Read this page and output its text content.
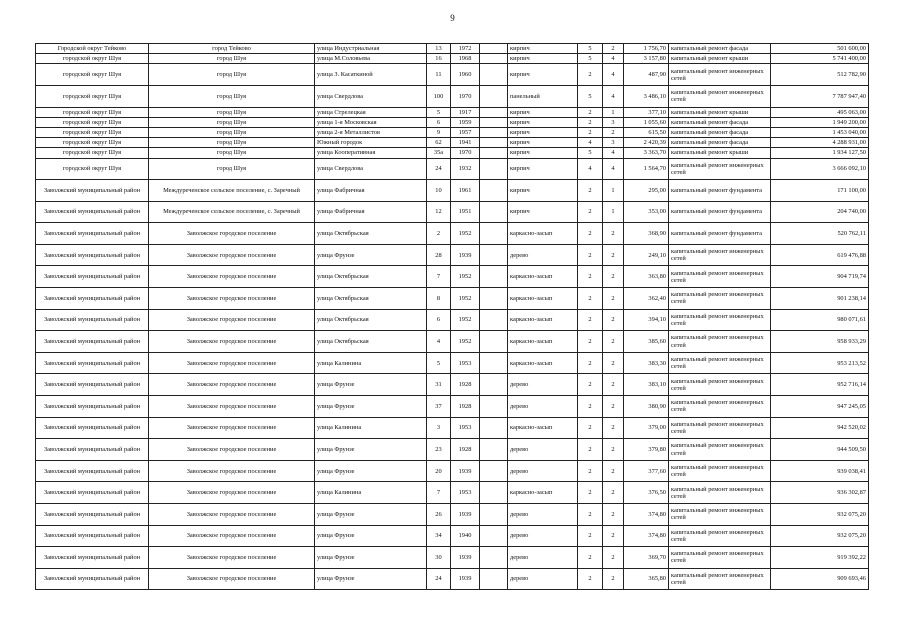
9
Городской округ Тейково	город Тейково	улица Индустриальная	13	1972		кирпич	5	2	1 756,70	капитальный ремонт фасада	501 600,00
городской округ Шуя	город Шуя	улица М.Соловьева	16	1968		кирпич	5	4	3 157,80	капитальный ремонт крыши	5 741 400,00
городской округ Шуя	город Шуя	улица З. Касаткиной	11	1960		кирпич	2	4	487,90	капитальный ремонт инженерных сетей	512 782,90
городской округ Шуя	город Шуя	улица Свердлова	100	1970		панельный	5	4	3 486,10	капитальный ремонт инженерных сетей	7 787 947,40
городской округ Шуя	город Шуя	улица Стрелецкая	5	1917		кирпич	2	1	377,10	капитальный ремонт крыши	495 063,00
городской округ Шуя	город Шуя	улица 1-я Московская	6	1959		кирпич	2	3	1 055,60	капитальный ремонт фасада	1 949 200,00
городской округ Шуя	город Шуя	улица 2-я Металлистов	9	1957		кирпич	2	2	615,50	капитальный ремонт фасада	1 453 040,00
городской округ Шуя	город Шуя	Южный городок	62	1941		кирпич	4	3	2 420,39	капитальный ремонт фасада	4 288 931,00
городской округ Шуя	город Шуя	улица Кооперативная	35а	1970		кирпич	5	4	3 363,70	капитальный ремонт крыши	1 934 127,50
городской округ Шуя	город Шуя	улица Свердлова	24	1932		кирпич	4	4	1 564,70	капитальный ремонт инженерных сетей	3 666 092,10
Заволжский муниципальный район	Междуреченское сельское поселение, с. Заречный	улица Фабричная	10	1961		кирпич	2	1	295,00	капитальный ремонт фундамента	171 100,00
Заволжский муниципальный район	Междуреченское сельское поселение, с. Заречный	улица Фабричная	12	1951		кирпич	2	1	353,00	капитальный ремонт фундамента	204 740,00
Заволжский муниципальный район	Заволжское городское поселение	улица Октябрьская	2	1952		каркасно-засып	2	2	368,90	капитальный ремонт фундамента	520 762,11
Заволжский муниципальный район	Заволжское городское поселение	улица Фрунзе	28	1939		дерево	2	2	249,10	капитальный ремонт инженерных сетей	619 476,88
Заволжский муниципальный район	Заволжское городское поселение	улица Октябрьская	7	1952		каркасно-засып	2	2	363,80	капитальный ремонт инженерных сетей	904 719,74
Заволжский муниципальный район	Заволжское городское поселение	улица Октябрьская	8	1952		каркасно-засып	2	2	362,40	капитальный ремонт инженерных сетей	901 238,14
Заволжский муниципальный район	Заволжское городское поселение	улица Октябрьская	6	1952		каркасно-засып	2	2	394,10	капитальный ремонт инженерных сетей	980 071,61
Заволжский муниципальный район	Заволжское городское поселение	улица Октябрьская	4	1952		каркасно-засып	2	2	385,60	капитальный ремонт инженерных сетей	958 933,29
Заволжский муниципальный район	Заволжское городское поселение	улица Калинина	5	1953		каркасно-засып	2	2	383,30	капитальный ремонт инженерных сетей	953 213,52
Заволжский муниципальный район	Заволжское городское поселение	улица Фрунзе	31	1928		дерево	2	2	383,10	капитальный ремонт инженерных сетей	952 716,14
Заволжский муниципальный район	Заволжское городское поселение	улица Фрунзе	37	1928		дерево	2	2	380,90	капитальный ремонт инженерных сетей	947 245,05
Заволжский муниципальный район	Заволжское городское поселение	улица Калинина	3	1953		каркасно-засып	2	2	379,00	капитальный ремонт инженерных сетей	942 520,02
Заволжский муниципальный район	Заволжское городское поселение	улица Фрунзе	23	1928		дерево	2	2	379,80	капитальный ремонт инженерных сетей	944 509,50
Заволжский муниципальный район	Заволжское городское поселение	улица Фрунзе	20	1939		дерево	2	2	377,60	капитальный ремонт инженерных сетей	939 038,41
Заволжский муниципальный район	Заволжское городское поселение	улица Калинина	7	1953		каркасно-засып	2	2	376,50	капитальный ремонт инженерных сетей	936 302,87
Заволжский муниципальный район	Заволжское городское поселение	улица Фрунзе	26	1939		дерево	2	2	374,80	капитальный ремонт инженерных сетей	932 075,20
Заволжский муниципальный район	Заволжское городское поселение	улица Фрунзе	34	1940		дерево	2	2	374,80	капитальный ремонт инженерных сетей	932 075,20
Заволжский муниципальный район	Заволжское городское поселение	улица Фрунзе	30	1939		дерево	2	2	369,70	капитальный ремонт инженерных сетей	919 392,22
Заволжский муниципальный район	Заволжское городское поселение	улица Фрунзе	24	1939		дерево	2	2	365,80	капитальный ремонт инженерных сетей	909 693,46
